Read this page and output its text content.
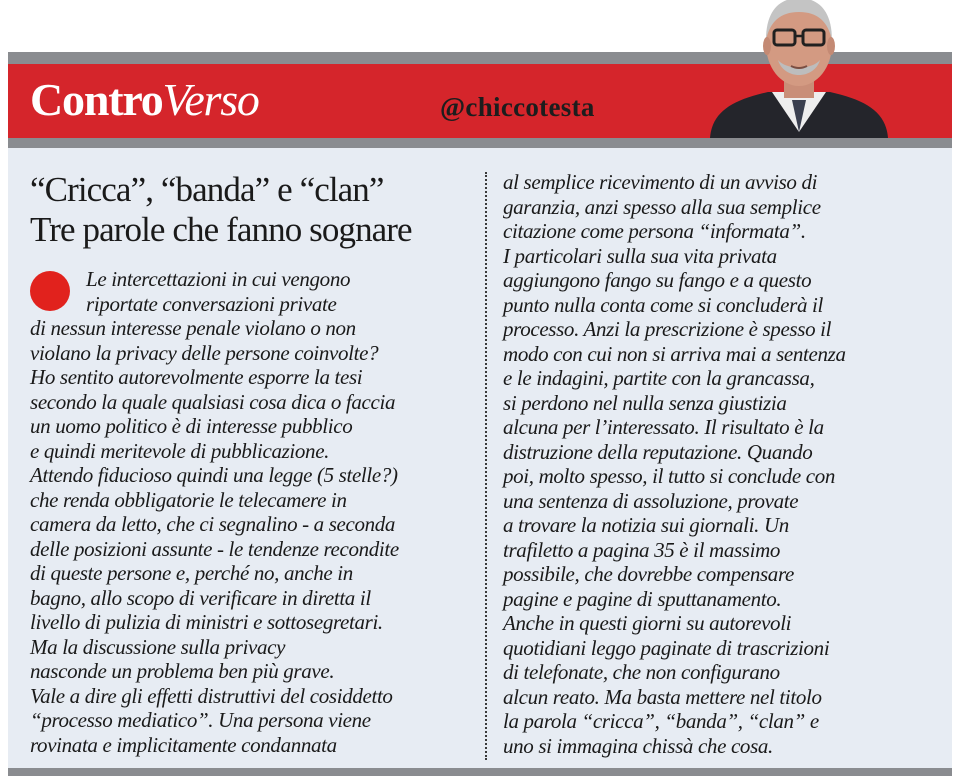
ControVerso	@chiccotesta
“Cricca”, “banda” e “clan”
Tre parole che fanno sognare
Le intercettazioni in cui vengono
riportate conversazioni private
di nessun interesse penale violano o non
violano la privacy delle persone coinvolte?
Ho sentito autorevolmente esporre la tesi
secondo la quale qualsiasi cosa dica o faccia
un uomo politico è di interesse pubblico
e quindi meritevole di pubblicazione.
Attendo fiducioso quindi una legge (5 stelle?)
che renda obbligatorie le telecamere in
camera da letto, che ci segnalino - a seconda
delle posizioni assunte - le tendenze recondite
di queste persone e, perché no, anche in
bagno, allo scopo di verificare in diretta il
livello di pulizia di ministri e sottosegretari.
Ma la discussione sulla privacy
nasconde un problema ben più grave.
Vale a dire gli effetti distruttivi del cosiddetto
“processo mediatico”. Una persona viene
rovinata e implicitamente condannata
al semplice ricevimento di un avviso di
garanzia, anzi spesso alla sua semplice
citazione come persona “informata”.
I particolari sulla sua vita privata
aggiungono fango su fango e a questo
punto nulla conta come si concluderà il
processo. Anzi la prescrizione è spesso il
modo con cui non si arriva mai a sentenza
e le indagini, partite con la grancassa,
si perdono nel nulla senza giustizia
alcuna per l’interessato. Il risultato è la
distruzione della reputazione. Quando
poi, molto spesso, il tutto si conclude con
una sentenza di assoluzione, provate
a trovare la notizia sui giornali. Un
trafiletto a pagina 35 è il massimo
possibile, che dovrebbe compensare
pagine e pagine di sputtanamento.
Anche in questi giorni su autorevoli
quotidiani leggo paginate di trascrizioni
di telefonate, che non configurano
alcun reato. Ma basta mettere nel titolo
la parola “cricca”, “banda”, “clan” e
uno si immagina chissà che cosa.
